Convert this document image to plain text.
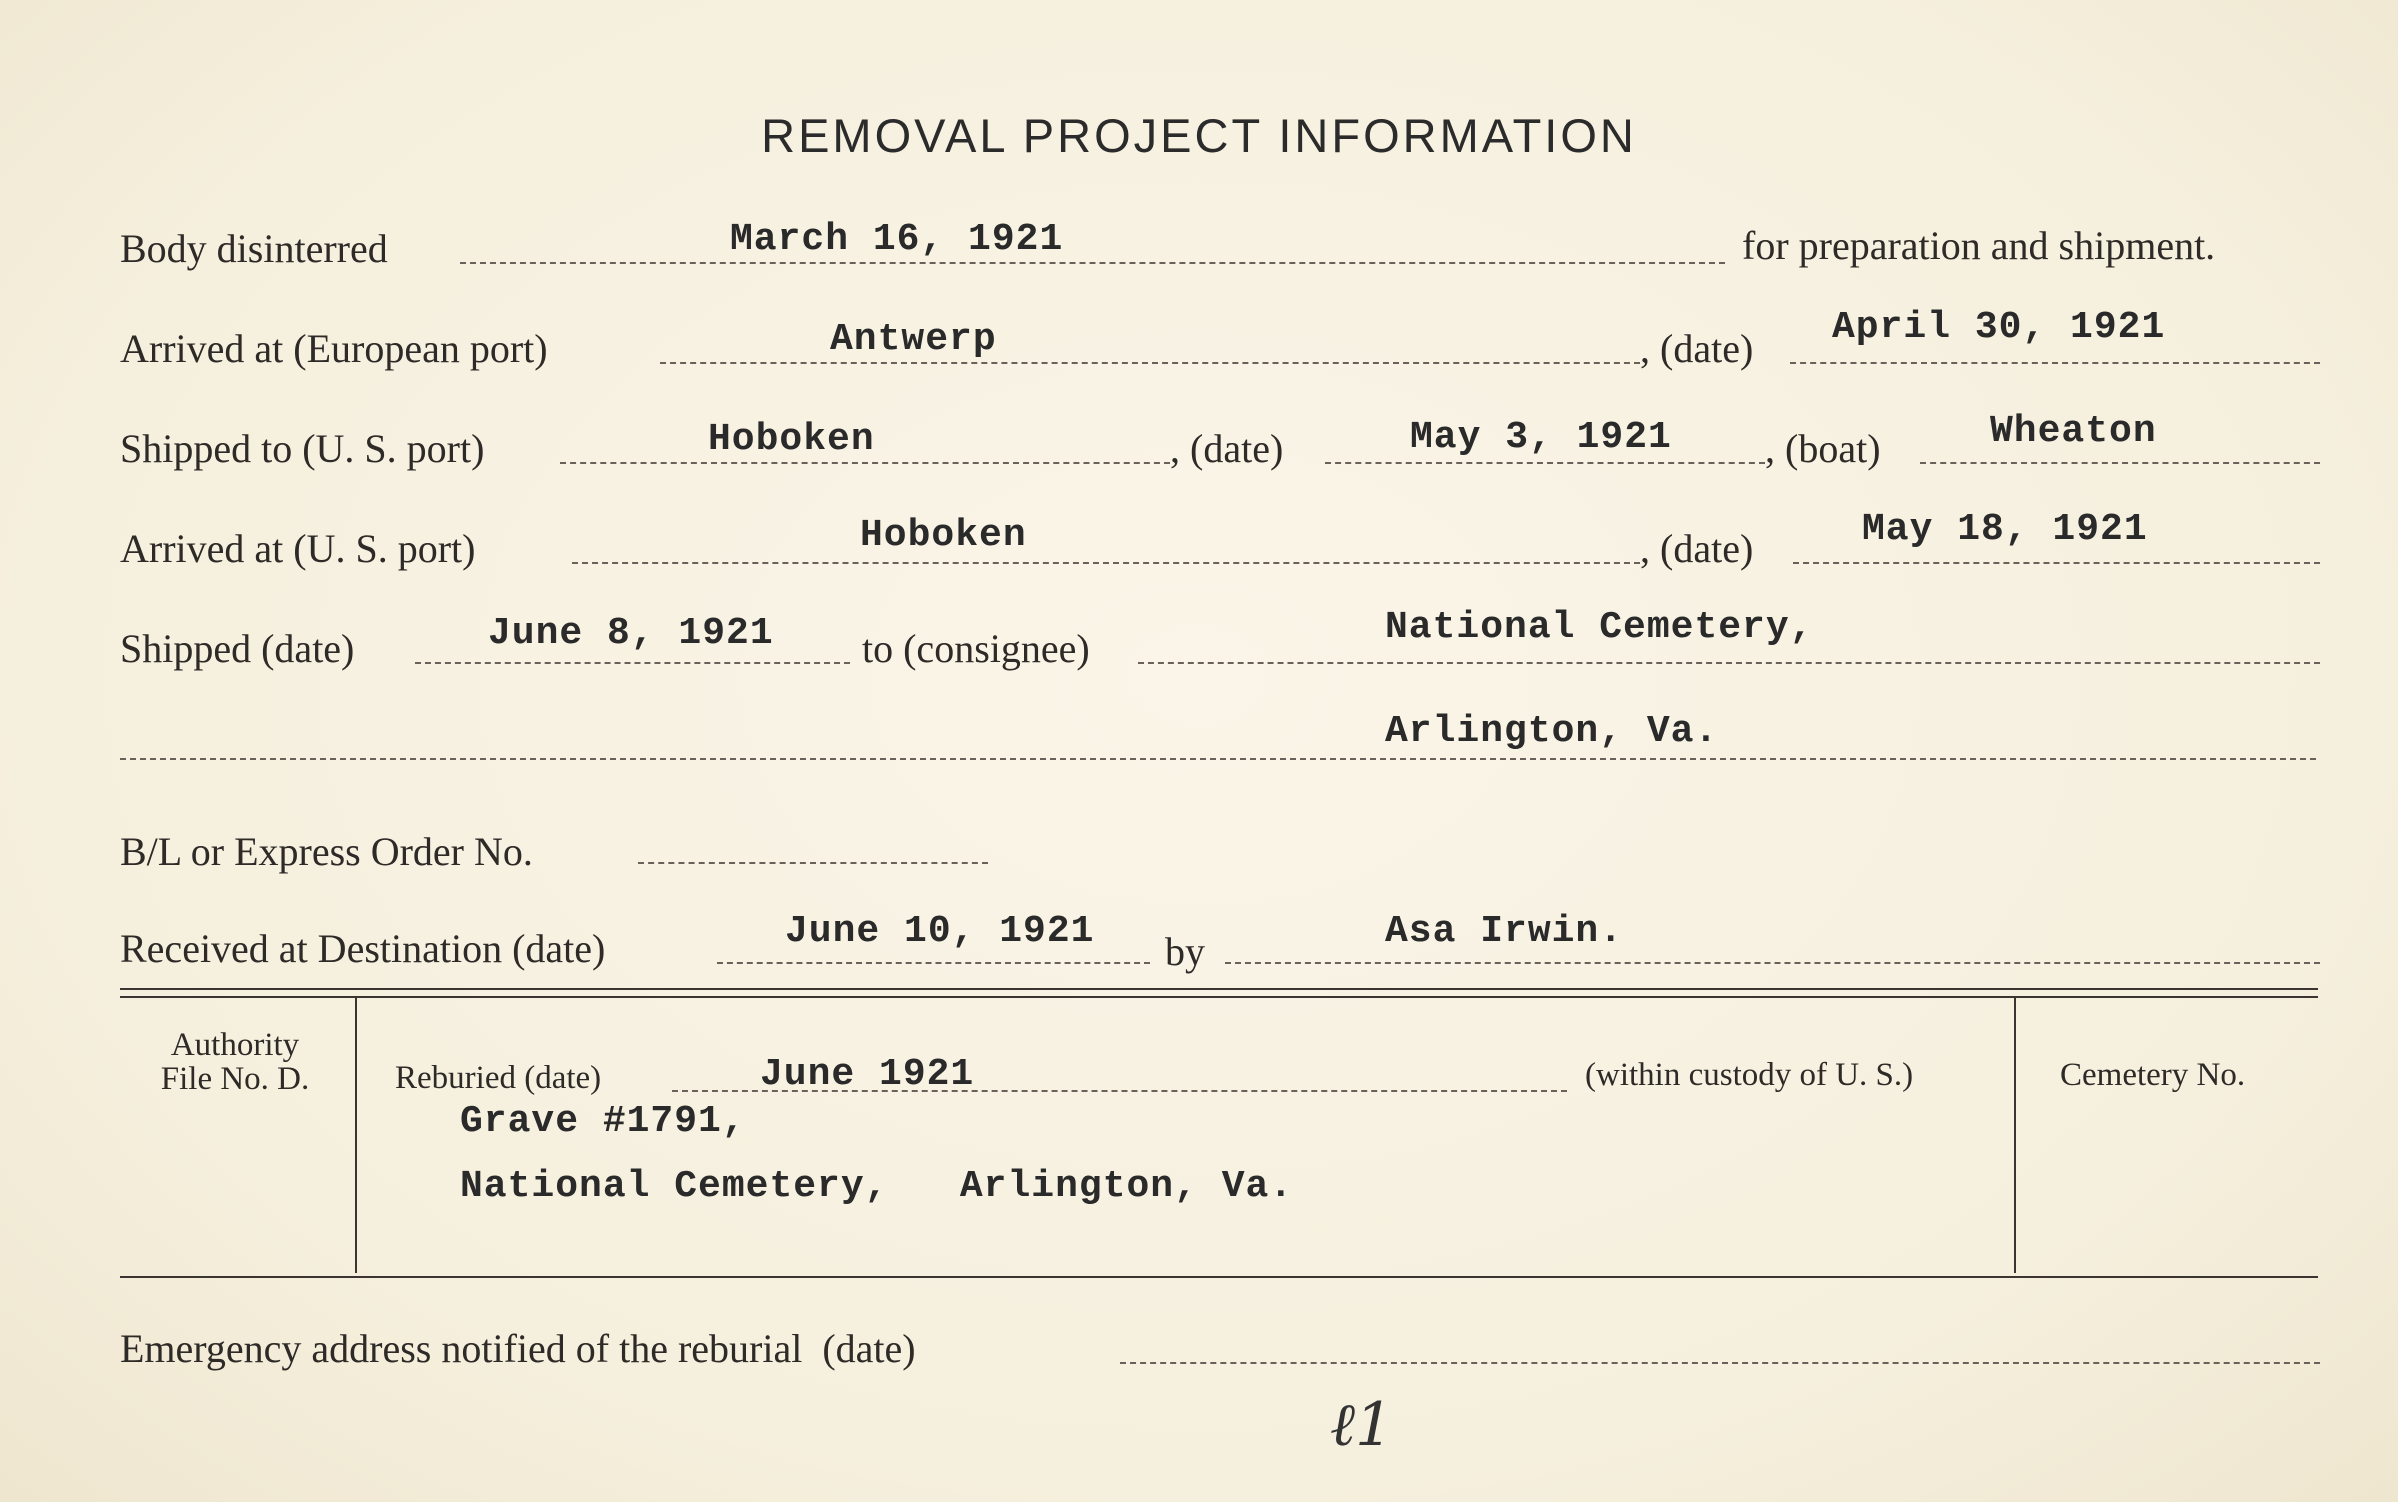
REMOVAL PROJECT INFORMATION
Body disinterred	March 16, 1921	for preparation and shipment.
Arrived at (European port)	Antwerp	, (date) April 30, 1921
Shipped to (U. S. port)	Hoboken	, (date)	May 3, 1921 , (boat)	Wheaton
Arrived at (U. S. port)	Hoboken	, (date)	May 18, 1921
Shipped (date)	June 8, 1921 to (consignee)	National Cemetery,
Arlington, Va.
B/L or Express Order No.
Received at Destination (date)	June 10, 1921 by	Asa Irwin.
Authority
File No. D.	Reburied (date)	June 1921	(within custody of U. S.)
Grave #1791,
National Cemetery,   Arlington, Va.
Cemetery No.
Emergency address notified of the reburial  (date)
ℓ1
